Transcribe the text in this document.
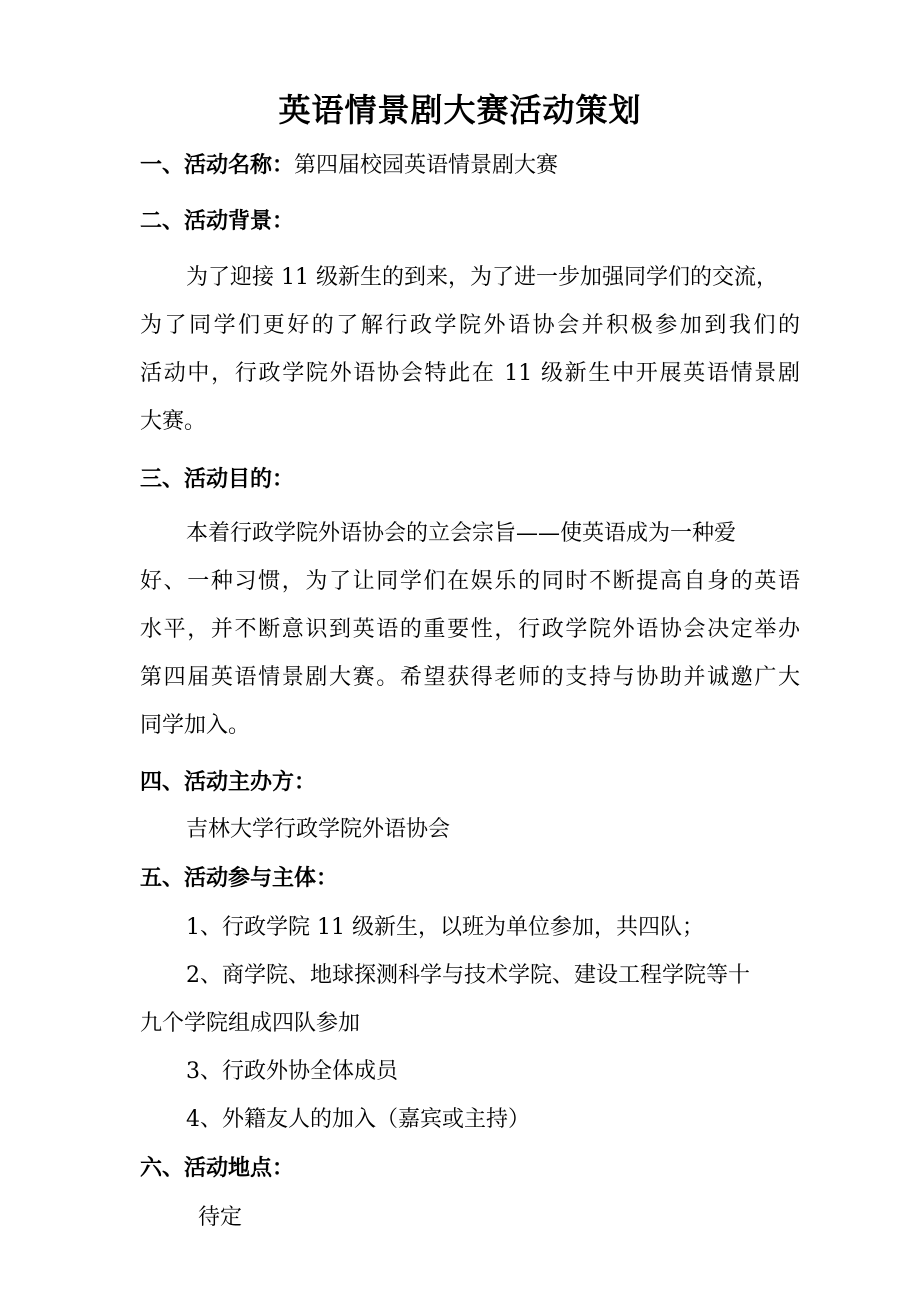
英语情景剧大赛活动策划
一、活动名称：第四届校园英语情景剧大赛
二、活动背景：
为了迎接 11 级新生的到来，为了进一步加强同学们的交流，
为了同学们更好的了解行政学院外语协会并积极参加到我们的
活动中，行政学院外语协会特此在 11 级新生中开展英语情景剧
大赛。
三、活动目的：
本着行政学院外语协会的立会宗旨——使英语成为一种爱
好、一种习惯，为了让同学们在娱乐的同时不断提高自身的英语
水平，并不断意识到英语的重要性，行政学院外语协会决定举办
第四届英语情景剧大赛。希望获得老师的支持与协助并诚邀广大
同学加入。
四、活动主办方：
吉林大学行政学院外语协会
五、活动参与主体：
1、行政学院 11 级新生，以班为单位参加，共四队；
2、商学院、地球探测科学与技术学院、建设工程学院等十
九个学院组成四队参加
3、行政外协全体成员
4、外籍友人的加入（嘉宾或主持）
六、活动地点：
待定
